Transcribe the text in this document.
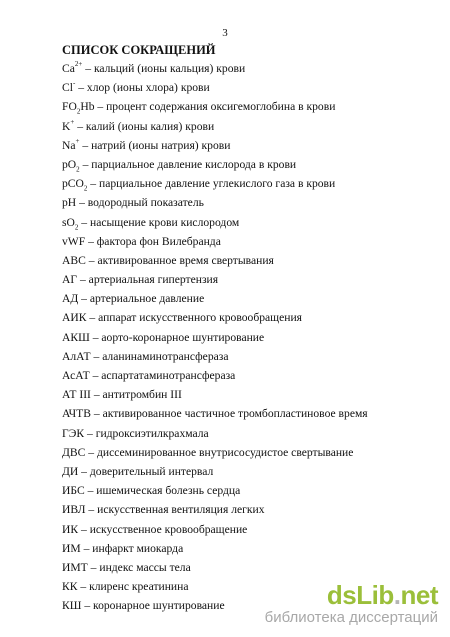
3
СПИСОК СОКРАЩЕНИЙ
$Ca^{2+}$ – кальций (ионы кальция) крови
Cl- – хлор (ионы хлора) крови
$FO_2Hb$ – процент содержания оксигемоглобина в крови
K+ – калий (ионы калия) крови
Na+ – натрий (ионы натрия) крови
$pO_2$ – парциальное давление кислорода в крови
pCO$_2$ – парциальное давление углекислого газа в крови
pH – водородный показатель
$sO_2$ – насыщение крови кислородом
vWF – фактора фон Вилебранда
АВС – активированное время свертывания
АГ – артериальная гипертензия
АД – артериальное давление
АИК – аппарат искусственного кровообращения
АКШ – аорто-коронарное шунтирование
АлАТ – аланинаминотрансфераза
АсАТ – аспартатаминотрансфераза
АТ III – антитромбин III
АЧТВ – активированное частичное тромбопластиновое время
ГЭК – гидроксиэтилкрахмала
ДВС – диссеминированное внутрисосудистое свертывание
ДИ – доверительный интервал
ИБС – ишемическая болезнь сердца
ИВЛ – искусственная вентиляция легких
ИК – искусственное кровообращение
ИМ – инфаркт миокарда
ИМТ – индекс массы тела
КК – клиренс креатинина
КШ – коронарное шунтирование	dsLib.net
библиотека диссертаций
